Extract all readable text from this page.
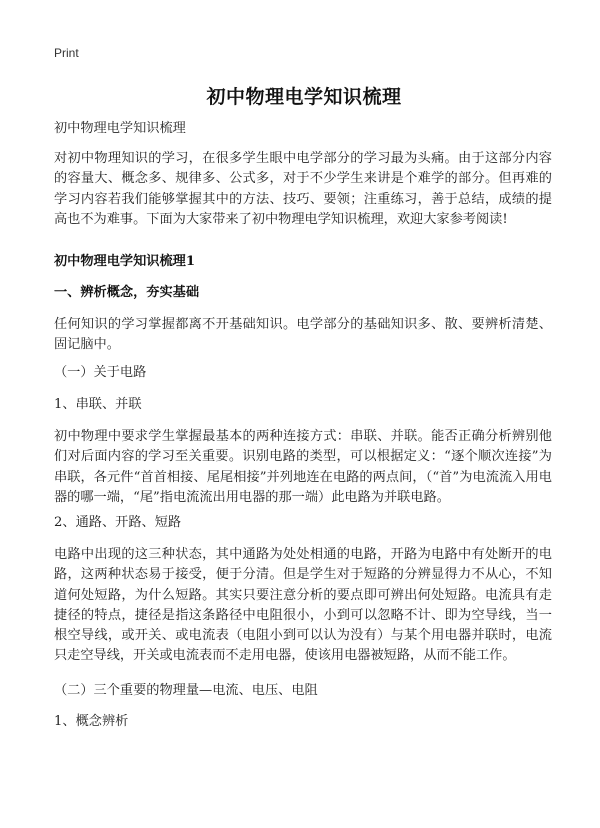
Print
初中物理电学知识梳理

初中物理电学知识梳理

对初中物理知识的学习，在很多学生眼中电学部分的学习最为头痛。由于这部分内容的容量大、概念多、规律多、公式多，对于不少学生来讲是个难学的部分。但再难的学习内容若我们能够掌握其中的方法、技巧、要领；注重练习，善于总结，成绩的提高也不为难事。下面为大家带来了初中物理电学知识梳理，欢迎大家参考阅读!

初中物理电学知识梳理1

一、辨析概念，夯实基础

任何知识的学习掌握都离不开基础知识。电学部分的基础知识多、散、要辨析清楚、固记脑中。

（一）关于电路

1、串联、并联

初中物理中要求学生掌握最基本的两种连接方式：串联、并联。能否正确分析辨别他们对后面内容的学习至关重要。识别电路的类型，可以根据定义：“逐个顺次连接”为串联，各元件“首首相接、尾尾相接”并列地连在电路的两点间，（“首”为电流流入用电器的哪一端，“尾”指电流流出用电器的那一端）此电路为并联电路。

2、通路、开路、短路

电路中出现的这三种状态，其中通路为处处相通的电路，开路为电路中有处断开的电路，这两种状态易于接受，便于分清。但是学生对于短路的分辨显得力不从心，不知道何处短路，为什么短路。其实只要注意分析的要点即可辨出何处短路。电流具有走捷径的特点，捷径是指这条路径中电阻很小，小到可以忽略不计、即为空导线，当一根空导线，或开关、或电流表（电阻小到可以认为没有）与某个用电器并联时，电流只走空导线，开关或电流表而不走用电器，使该用电器被短路，从而不能工作。

（二）三个重要的物理量—电流、电压、电阻

1、概念辨析
